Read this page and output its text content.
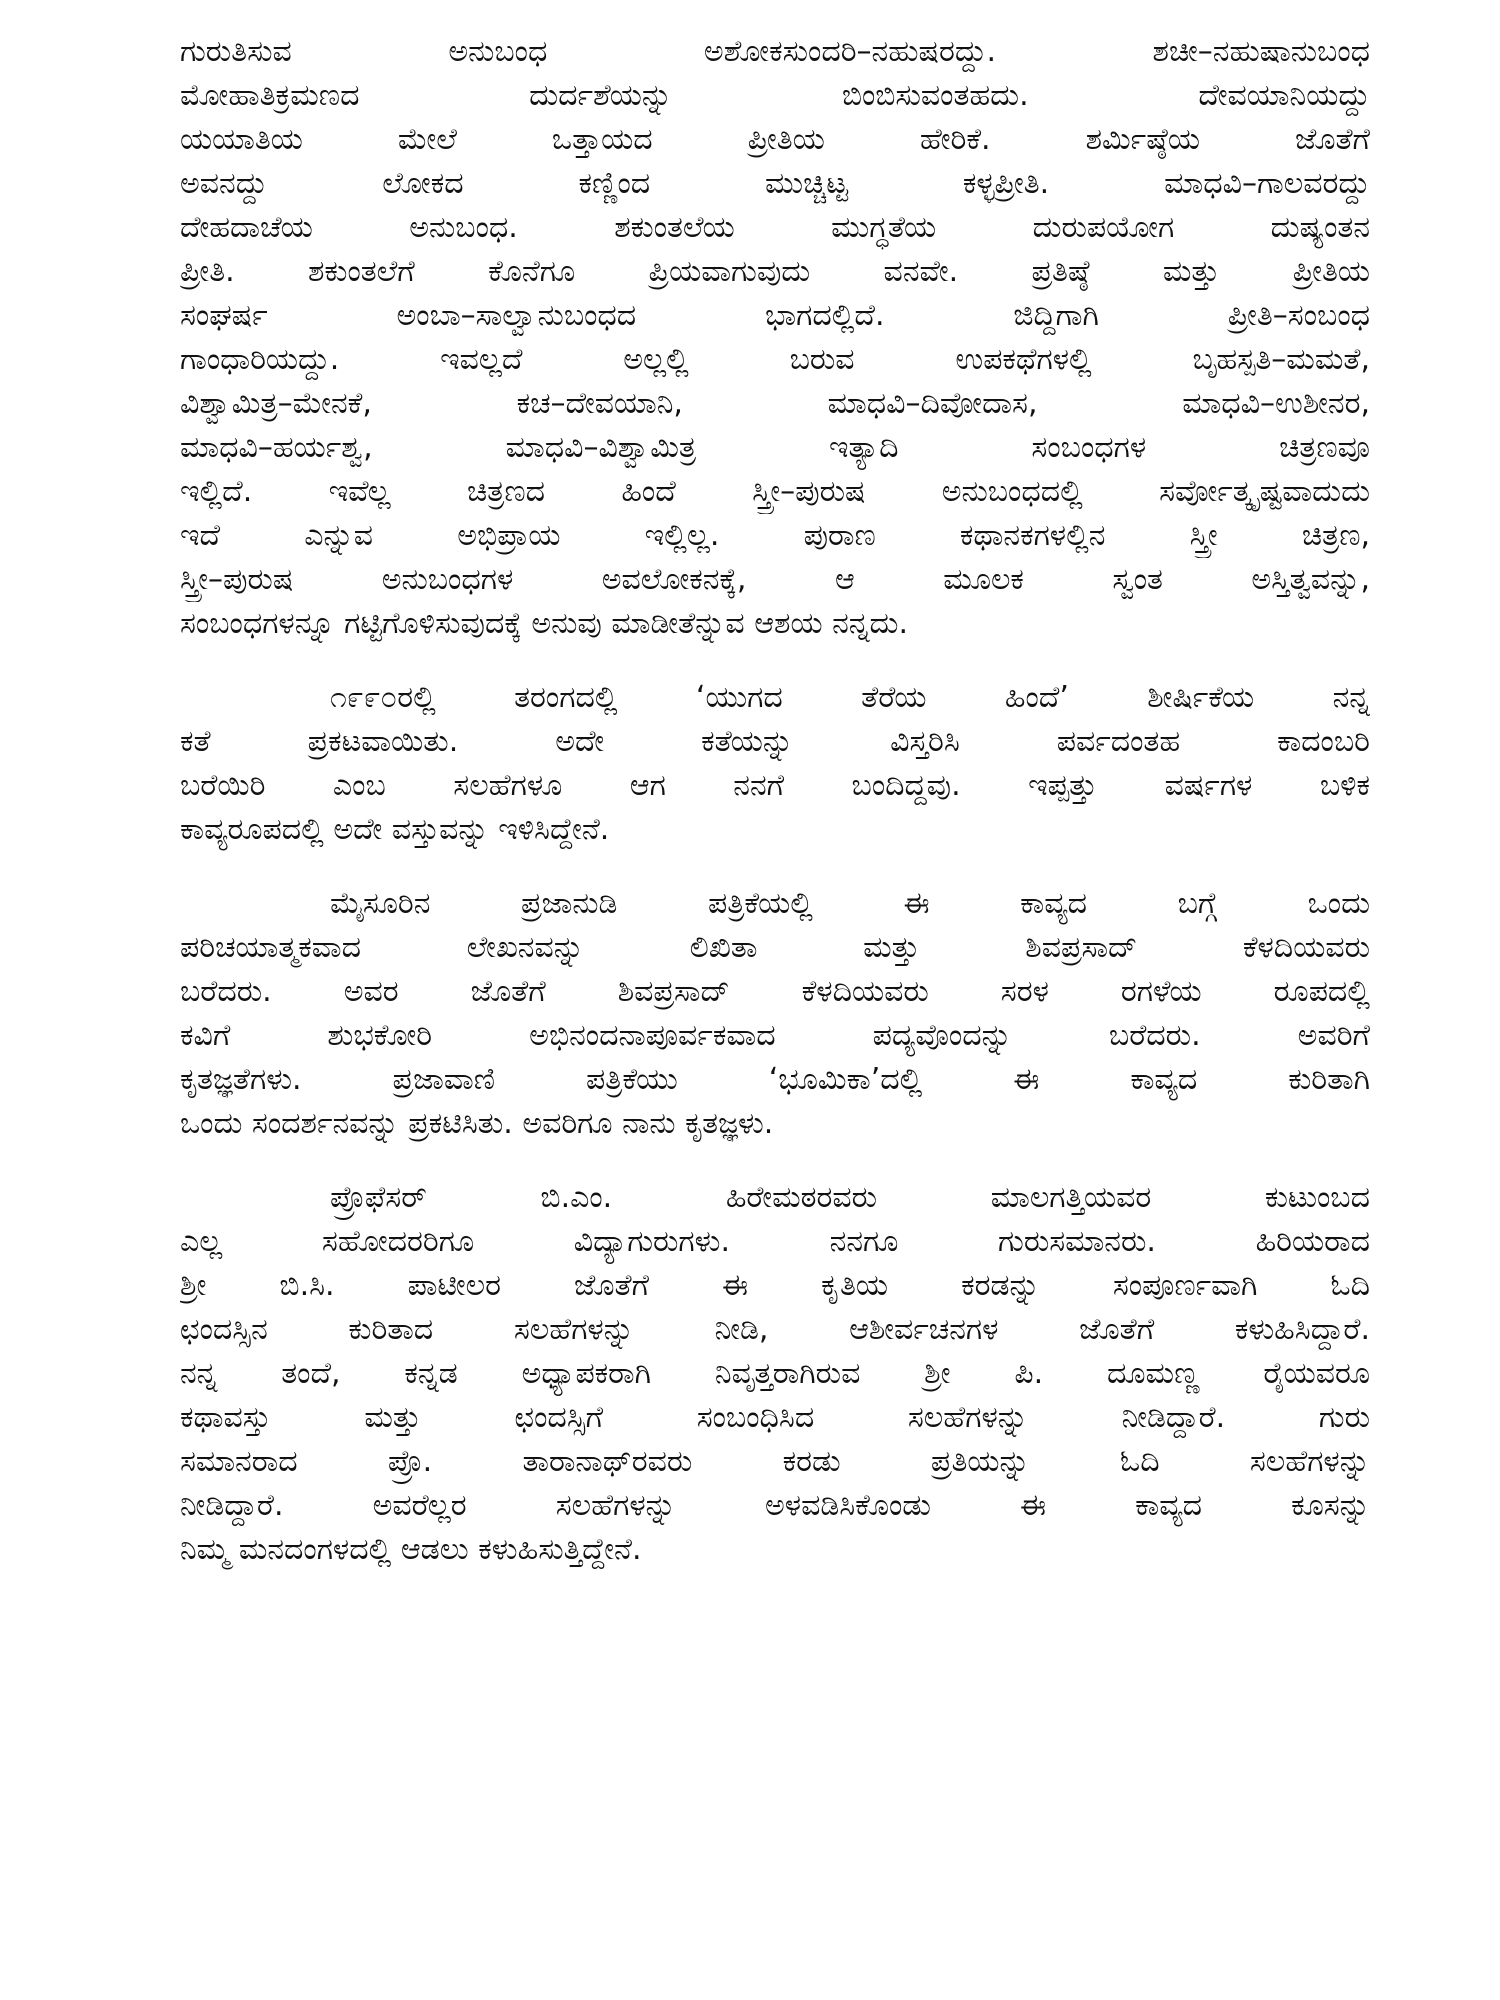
ಗುರುತಿಸುವ ಅನುಬಂಧ ಅಶೋಕಸುಂದರಿ–ನಹುಷರದ್ದು. ಶಚೀ–ನಹುಷಾನುಬಂಧ
ಮೋಹಾತಿಕ್ರಮಣದ ದುರ್ದಶೆಯನ್ನು ಬಿಂಬಿಸುವಂತಹದು. ದೇವಯಾನಿಯದ್ದು
ಯಯಾತಿಯ ಮೇಲೆ ಒತ್ತಾಯದ ಪ್ರೀತಿಯ ಹೇರಿಕೆ. ಶರ್ಮಿಷ್ಠೆಯ ಜೊತೆಗೆ
ಅವನದ್ದು ಲೋಕದ ಕಣ್ಣಿಂದ ಮುಚ್ಚಿಟ್ಟ ಕಳ್ಳಪ್ರೀತಿ. ಮಾಧವಿ–ಗಾಲವರದ್ದು
ದೇಹದಾಚೆಯ ಅನುಬಂಧ. ಶಕುಂತಲೆಯ ಮುಗ್ಧತೆಯ ದುರುಪಯೋಗ ದುಷ್ಯಂತನ
ಪ್ರೀತಿ. ಶಕುಂತಲೆಗೆ ಕೊನೆಗೂ ಪ್ರಿಯವಾಗುವುದು ವನವೇ. ಪ್ರತಿಷ್ಠೆ ಮತ್ತು ಪ್ರೀತಿಯ
ಸಂಘರ್ಷ ಅಂಬಾ–ಸಾಲ್ವಾನುಬಂಧದ ಭಾಗದಲ್ಲಿದೆ. ಜಿದ್ದಿಗಾಗಿ ಪ್ರೀತಿ–ಸಂಬಂಧ
ಗಾಂಧಾರಿಯದ್ದು. ಇವಲ್ಲದೆ ಅಲ್ಲಲ್ಲಿ ಬರುವ ಉಪಕಥೆಗಳಲ್ಲಿ ಬೃಹಸ್ಪತಿ–ಮಮತೆ,
ವಿಶ್ವಾಮಿತ್ರ–ಮೇನಕೆ, ಕಚ–ದೇವಯಾನಿ, ಮಾಧವಿ–ದಿವೋದಾಸ, ಮಾಧವಿ–ಉಶೀನರ,
ಮಾಧವಿ–ಹರ್ಯಶ್ವ, ಮಾಧವಿ–ವಿಶ್ವಾಮಿತ್ರ ಇತ್ಯಾದಿ ಸಂಬಂಧಗಳ ಚಿತ್ರಣವೂ
ಇಲ್ಲಿದೆ. ಇವೆಲ್ಲ ಚಿತ್ರಣದ ಹಿಂದೆ ಸ್ತ್ರೀ–ಪುರುಷ ಅನುಬಂಧದಲ್ಲಿ ಸರ್ವೋತ್ಕೃಷ್ಟವಾದುದು
ಇದೆ ಎನ್ನುವ ಅಭಿಪ್ರಾಯ ಇಲ್ಲಿಲ್ಲ. ಪುರಾಣ ಕಥಾನಕಗಳಲ್ಲಿನ ಸ್ತ್ರೀ ಚಿತ್ರಣ,
ಸ್ತ್ರೀ–ಪುರುಷ ಅನುಬಂಧಗಳ ಅವಲೋಕನಕ್ಕೆ, ಆ ಮೂಲಕ ಸ್ವಂತ ಅಸ್ತಿತ್ವವನ್ನು,
ಸಂಬಂಧಗಳನ್ನೂ ಗಟ್ಟಿಗೊಳಿಸುವುದಕ್ಕೆ ಅನುವು ಮಾಡೀತೆನ್ನುವ ಆಶಯ ನನ್ನದು.
೧೯೯೦ರಲ್ಲಿ ತರಂಗದಲ್ಲಿ ‘ಯುಗದ ತೆರೆಯ ಹಿಂದೆ’ ಶೀರ್ಷಿಕೆಯ ನನ್ನ
ಕತೆ ಪ್ರಕಟವಾಯಿತು. ಅದೇ ಕತೆಯನ್ನು ವಿಸ್ತರಿಸಿ ಪರ್ವದಂತಹ ಕಾದಂಬರಿ
ಬರೆಯಿರಿ ಎಂಬ ಸಲಹೆಗಳೂ ಆಗ ನನಗೆ ಬಂದಿದ್ದವು. ಇಪ್ಪತ್ತು ವರ್ಷಗಳ ಬಳಿಕ
ಕಾವ್ಯರೂಪದಲ್ಲಿ ಅದೇ ವಸ್ತುವನ್ನು ಇಳಿಸಿದ್ದೇನೆ.
ಮೈಸೂರಿನ ಪ್ರಜಾನುಡಿ ಪತ್ರಿಕೆಯಲ್ಲಿ ಈ ಕಾವ್ಯದ ಬಗ್ಗೆ ಒಂದು
ಪರಿಚಯಾತ್ಮಕವಾದ ಲೇಖನವನ್ನು ಲಿಖಿತಾ ಮತ್ತು ಶಿವಪ್ರಸಾದ್ ಕೆಳದಿಯವರು
ಬರೆದರು. ಅವರ ಜೊತೆಗೆ ಶಿವಪ್ರಸಾದ್ ಕೆಳದಿಯವರು ಸರಳ ರಗಳೆಯ ರೂಪದಲ್ಲಿ
ಕವಿಗೆ ಶುಭಕೋರಿ ಅಭಿನಂದನಾಪೂರ್ವಕವಾದ ಪದ್ಯವೊಂದನ್ನು ಬರೆದರು. ಅವರಿಗೆ
ಕೃತಜ್ಞತೆಗಳು. ಪ್ರಜಾವಾಣಿ ಪತ್ರಿಕೆಯು ‘ಭೂಮಿಕಾ’ದಲ್ಲಿ ಈ ಕಾವ್ಯದ ಕುರಿತಾಗಿ
ಒಂದು ಸಂದರ್ಶನವನ್ನು ಪ್ರಕಟಿಸಿತು. ಅವರಿಗೂ ನಾನು ಕೃತಜ್ಞಳು.
ಪ್ರೊಫೆಸರ್ ಬಿ.ಎಂ. ಹಿರೇಮಠರವರು ಮಾಲಗತ್ತಿಯವರ ಕುಟುಂಬದ
ಎಲ್ಲ ಸಹೋದರರಿಗೂ ವಿದ್ಯಾಗುರುಗಳು. ನನಗೂ ಗುರುಸಮಾನರು. ಹಿರಿಯರಾದ
ಶ್ರೀ ಬಿ.ಸಿ. ಪಾಟೀಲರ ಜೊತೆಗೆ ಈ ಕೃತಿಯ ಕರಡನ್ನು ಸಂಪೂರ್ಣವಾಗಿ ಓದಿ
ಛಂದಸ್ಸಿನ ಕುರಿತಾದ ಸಲಹೆಗಳನ್ನು ನೀಡಿ, ಆಶೀರ್ವಚನಗಳ ಜೊತೆಗೆ ಕಳುಹಿಸಿದ್ದಾರೆ.
ನನ್ನ ತಂದೆ, ಕನ್ನಡ ಅಧ್ಯಾಪಕರಾಗಿ ನಿವೃತ್ತರಾಗಿರುವ ಶ್ರೀ ಪಿ. ದೂಮಣ್ಣ ರೈಯವರೂ
ಕಥಾವಸ್ತು ಮತ್ತು ಛಂದಸ್ಸಿಗೆ ಸಂಬಂಧಿಸಿದ ಸಲಹೆಗಳನ್ನು ನೀಡಿದ್ದಾರೆ. ಗುರು
ಸಮಾನರಾದ ಪ್ರೊ. ತಾರಾನಾಥ್‌ರವರು ಕರಡು ಪ್ರತಿಯನ್ನು ಓದಿ ಸಲಹೆಗಳನ್ನು
ನೀಡಿದ್ದಾರೆ. ಅವರೆಲ್ಲರ ಸಲಹೆಗಳನ್ನು ಅಳವಡಿಸಿಕೊಂಡು ಈ ಕಾವ್ಯದ ಕೂಸನ್ನು
ನಿಮ್ಮ ಮನದಂಗಳದಲ್ಲಿ ಆಡಲು ಕಳುಹಿಸುತ್ತಿದ್ದೇನೆ.
